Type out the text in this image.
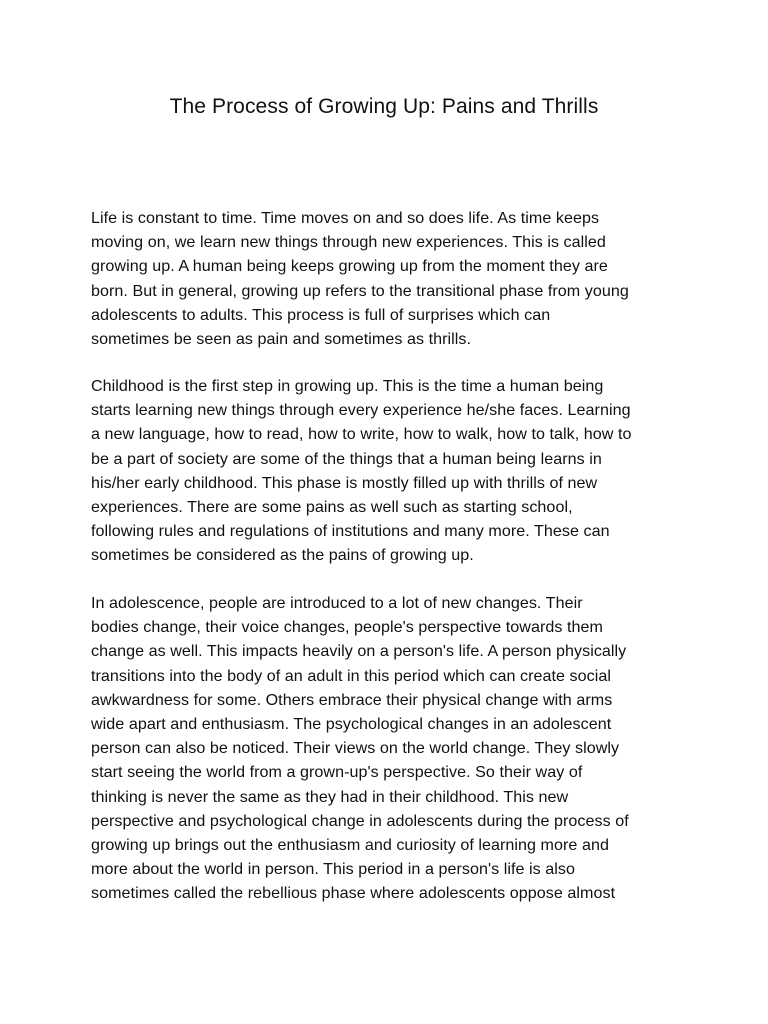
The Process of Growing Up: Pains and Thrills

Life is constant to time. Time moves on and so does life. As time keeps
moving on, we learn new things through new experiences. This is called
growing up. A human being keeps growing up from the moment they are
born. But in general, growing up refers to the transitional phase from young
adolescents to adults. This process is full of surprises which can
sometimes be seen as pain and sometimes as thrills.

Childhood is the first step in growing up. This is the time a human being
starts learning new things through every experience he/she faces. Learning
a new language, how to read, how to write, how to walk, how to talk, how to
be a part of society are some of the things that a human being learns in
his/her early childhood. This phase is mostly filled up with thrills of new
experiences. There are some pains as well such as starting school,
following rules and regulations of institutions and many more. These can
sometimes be considered as the pains of growing up.

In adolescence, people are introduced to a lot of new changes. Their
bodies change, their voice changes, people's perspective towards them
change as well. This impacts heavily on a person's life. A person physically
transitions into the body of an adult in this period which can create social
awkwardness for some. Others embrace their physical change with arms
wide apart and enthusiasm. The psychological changes in an adolescent
person can also be noticed. Their views on the world change. They slowly
start seeing the world from a grown-up's perspective. So their way of
thinking is never the same as they had in their childhood. This new
perspective and psychological change in adolescents during the process of
growing up brings out the enthusiasm and curiosity of learning more and
more about the world in person. This period in a person's life is also
sometimes called the rebellious phase where adolescents oppose almost
